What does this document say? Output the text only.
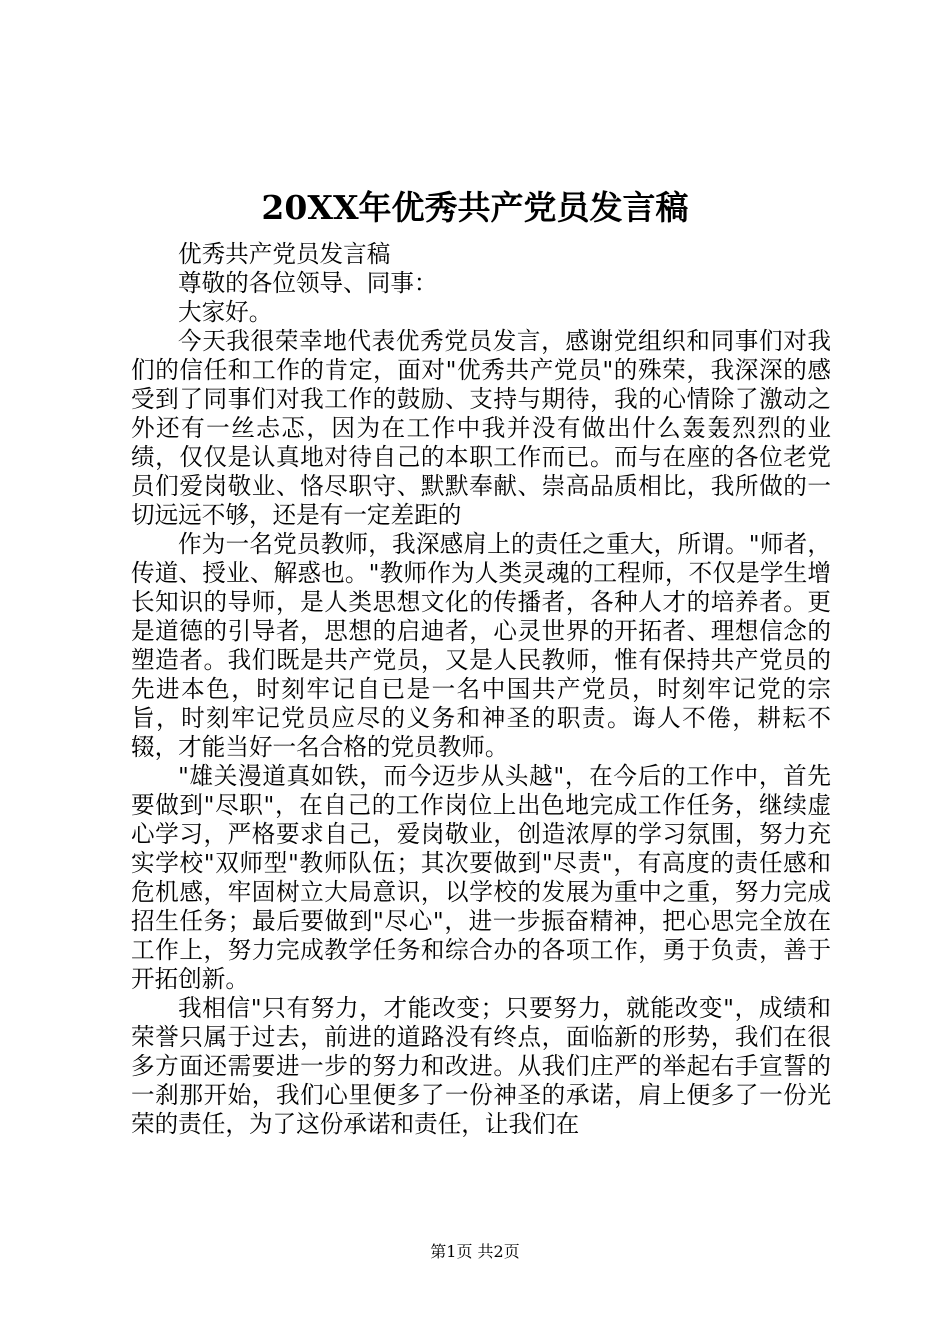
20XX年优秀共产党员发言稿

优秀共产党员发言稿

尊敬的各位领导、同事：

大家好。

今天我很荣幸地代表优秀党员发言，感谢党组织和同事们对我们的信任和工作的肯定，面对"优秀共产党员"的殊荣，我深深的感受到了同事们对我工作的鼓励、支持与期待，我的心情除了激动之外还有一丝忐忑，因为在工作中我并没有做出什么轰轰烈烈的业绩，仅仅是认真地对待自己的本职工作而已。而与在座的各位老党员们爱岗敬业、恪尽职守、默默奉献、崇高品质相比，我所做的一切远远不够，还是有一定差距的

作为一名党员教师，我深感肩上的责任之重大，所谓。"师者，传道、授业、解惑也。"教师作为人类灵魂的工程师，不仅是学生增长知识的导师，是人类思想文化的传播者，各种人才的培养者。更是道德的引导者，思想的启迪者，心灵世界的开拓者、理想信念的塑造者。我们既是共产党员，又是人民教师，惟有保持共产党员的先进本色，时刻牢记自已是一名中国共产党员，时刻牢记党的宗旨，时刻牢记党员应尽的义务和神圣的职责。诲人不倦，耕耘不辍，才能当好一名合格的党员教师。

"雄关漫道真如铁，而今迈步从头越"，在今后的工作中，首先要做到"尽职"，在自己的工作岗位上出色地完成工作任务，继续虚心学习，严格要求自己，爱岗敬业，创造浓厚的学习氛围，努力充实学校"双师型"教师队伍；其次要做到"尽责"，有高度的责任感和危机感，牢固树立大局意识，以学校的发展为重中之重，努力完成招生任务；最后要做到"尽心"，进一步振奋精神，把心思完全放在工作上，努力完成教学任务和综合办的各项工作，勇于负责，善于开拓创新。

我相信"只有努力，才能改变；只要努力，就能改变"，成绩和荣誉只属于过去，前进的道路没有终点，面临新的形势，我们在很多方面还需要进一步的努力和改进。从我们庄严的举起右手宣誓的一刹那开始，我们心里便多了一份神圣的承诺，肩上便多了一份光荣的责任，为了这份承诺和责任，让我们在

第1页 共2页
